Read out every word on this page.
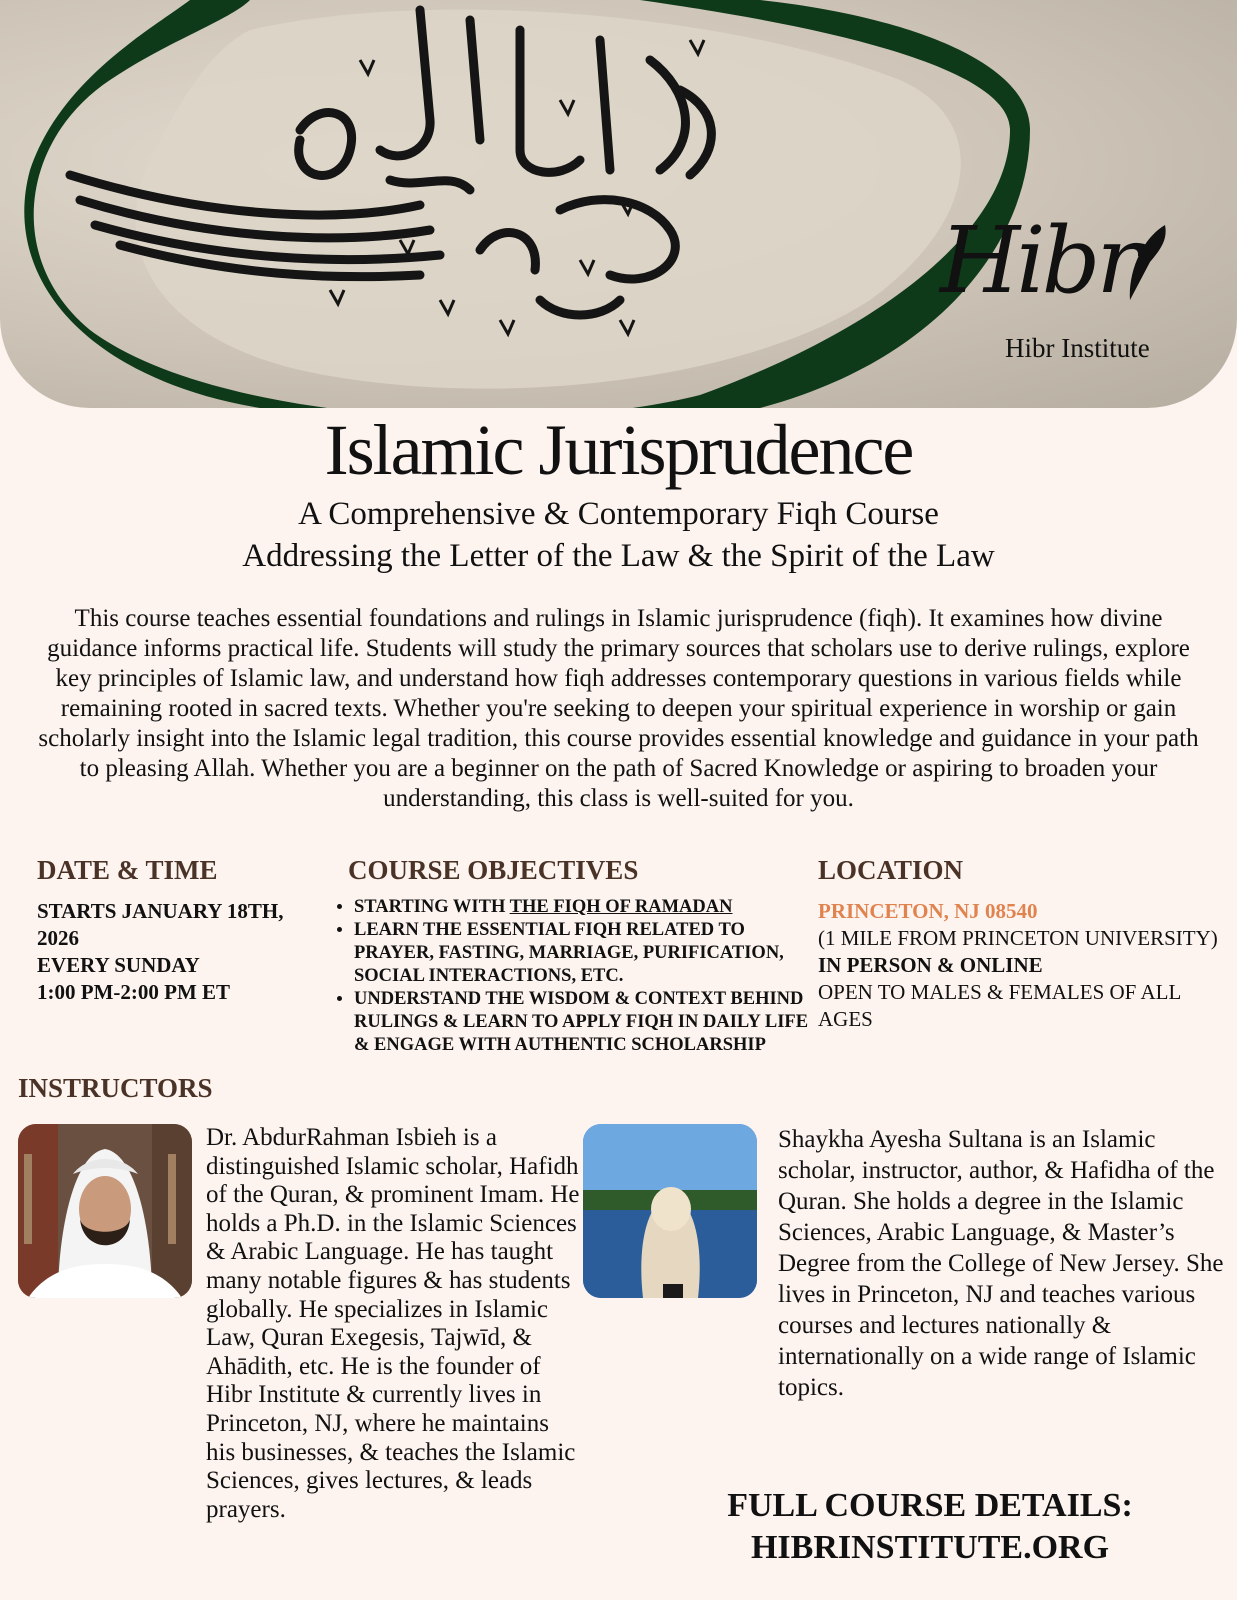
Hibr
Hibr Institute
Islamic Jurisprudence
A Comprehensive & Contemporary Fiqh Course
Addressing the Letter of the Law & the Spirit of the Law

This course teaches essential foundations and rulings in Islamic jurisprudence (fiqh). It examines how divine guidance informs practical life. Students will study the primary sources that scholars use to derive rulings, explore key principles of Islamic law, and understand how fiqh addresses contemporary questions in various fields while remaining rooted in sacred texts. Whether you're seeking to deepen your spiritual experience in worship or gain scholarly insight into the Islamic legal tradition, this course provides essential knowledge and guidance in your path to pleasing Allah. Whether you are a beginner on the path of Sacred Knowledge or aspiring to broaden your understanding, this class is well-suited for you.

DATE & TIME

STARTS JANUARY 18TH, 2026

EVERY SUNDAY

1:00 PM-2:00 PM ET

COURSE OBJECTIVES
• STARTING WITH THE FIQH OF RAMADAN
• LEARN THE ESSENTIAL FIQH RELATED TO PRAYER, FASTING, MARRIAGE, PURIFICATION, SOCIAL INTERACTIONS, ETC.
• UNDERSTAND THE WISDOM & CONTEXT BEHIND RULINGS & LEARN TO APPLY FIQH IN DAILY LIFE & ENGAGE WITH AUTHENTIC SCHOLARSHIP
LOCATION

PRINCETON, NJ 08540

(1 MILE FROM PRINCETON UNIVERSITY)

IN PERSON & ONLINE

OPEN TO MALES & FEMALES OF ALL AGES

INSTRUCTORS

Dr. AbdurRahman Isbieh is a distinguished Islamic scholar, Hafidh of the Quran, & prominent Imam. He holds a Ph.D. in the Islamic Sciences & Arabic Language. He has taught many notable figures & has students globally. He specializes in Islamic Law, Quran Exegesis, Tajwīd, & Ahādith, etc. He is the founder of Hibr Institute & currently lives in Princeton, NJ, where he maintains his businesses, & teaches the Islamic Sciences, gives lectures, & leads prayers.

Shaykha Ayesha Sultana is an Islamic scholar, instructor, author, & Hafidha of the Quran. She holds a degree in the Islamic Sciences, Arabic Language, & Master’s Degree from the College of New Jersey. She lives in Princeton, NJ and teaches various courses and lectures nationally & internationally on a wide range of Islamic topics.

FULL COURSE DETAILS:

HIBRINSTITUTE.ORG
